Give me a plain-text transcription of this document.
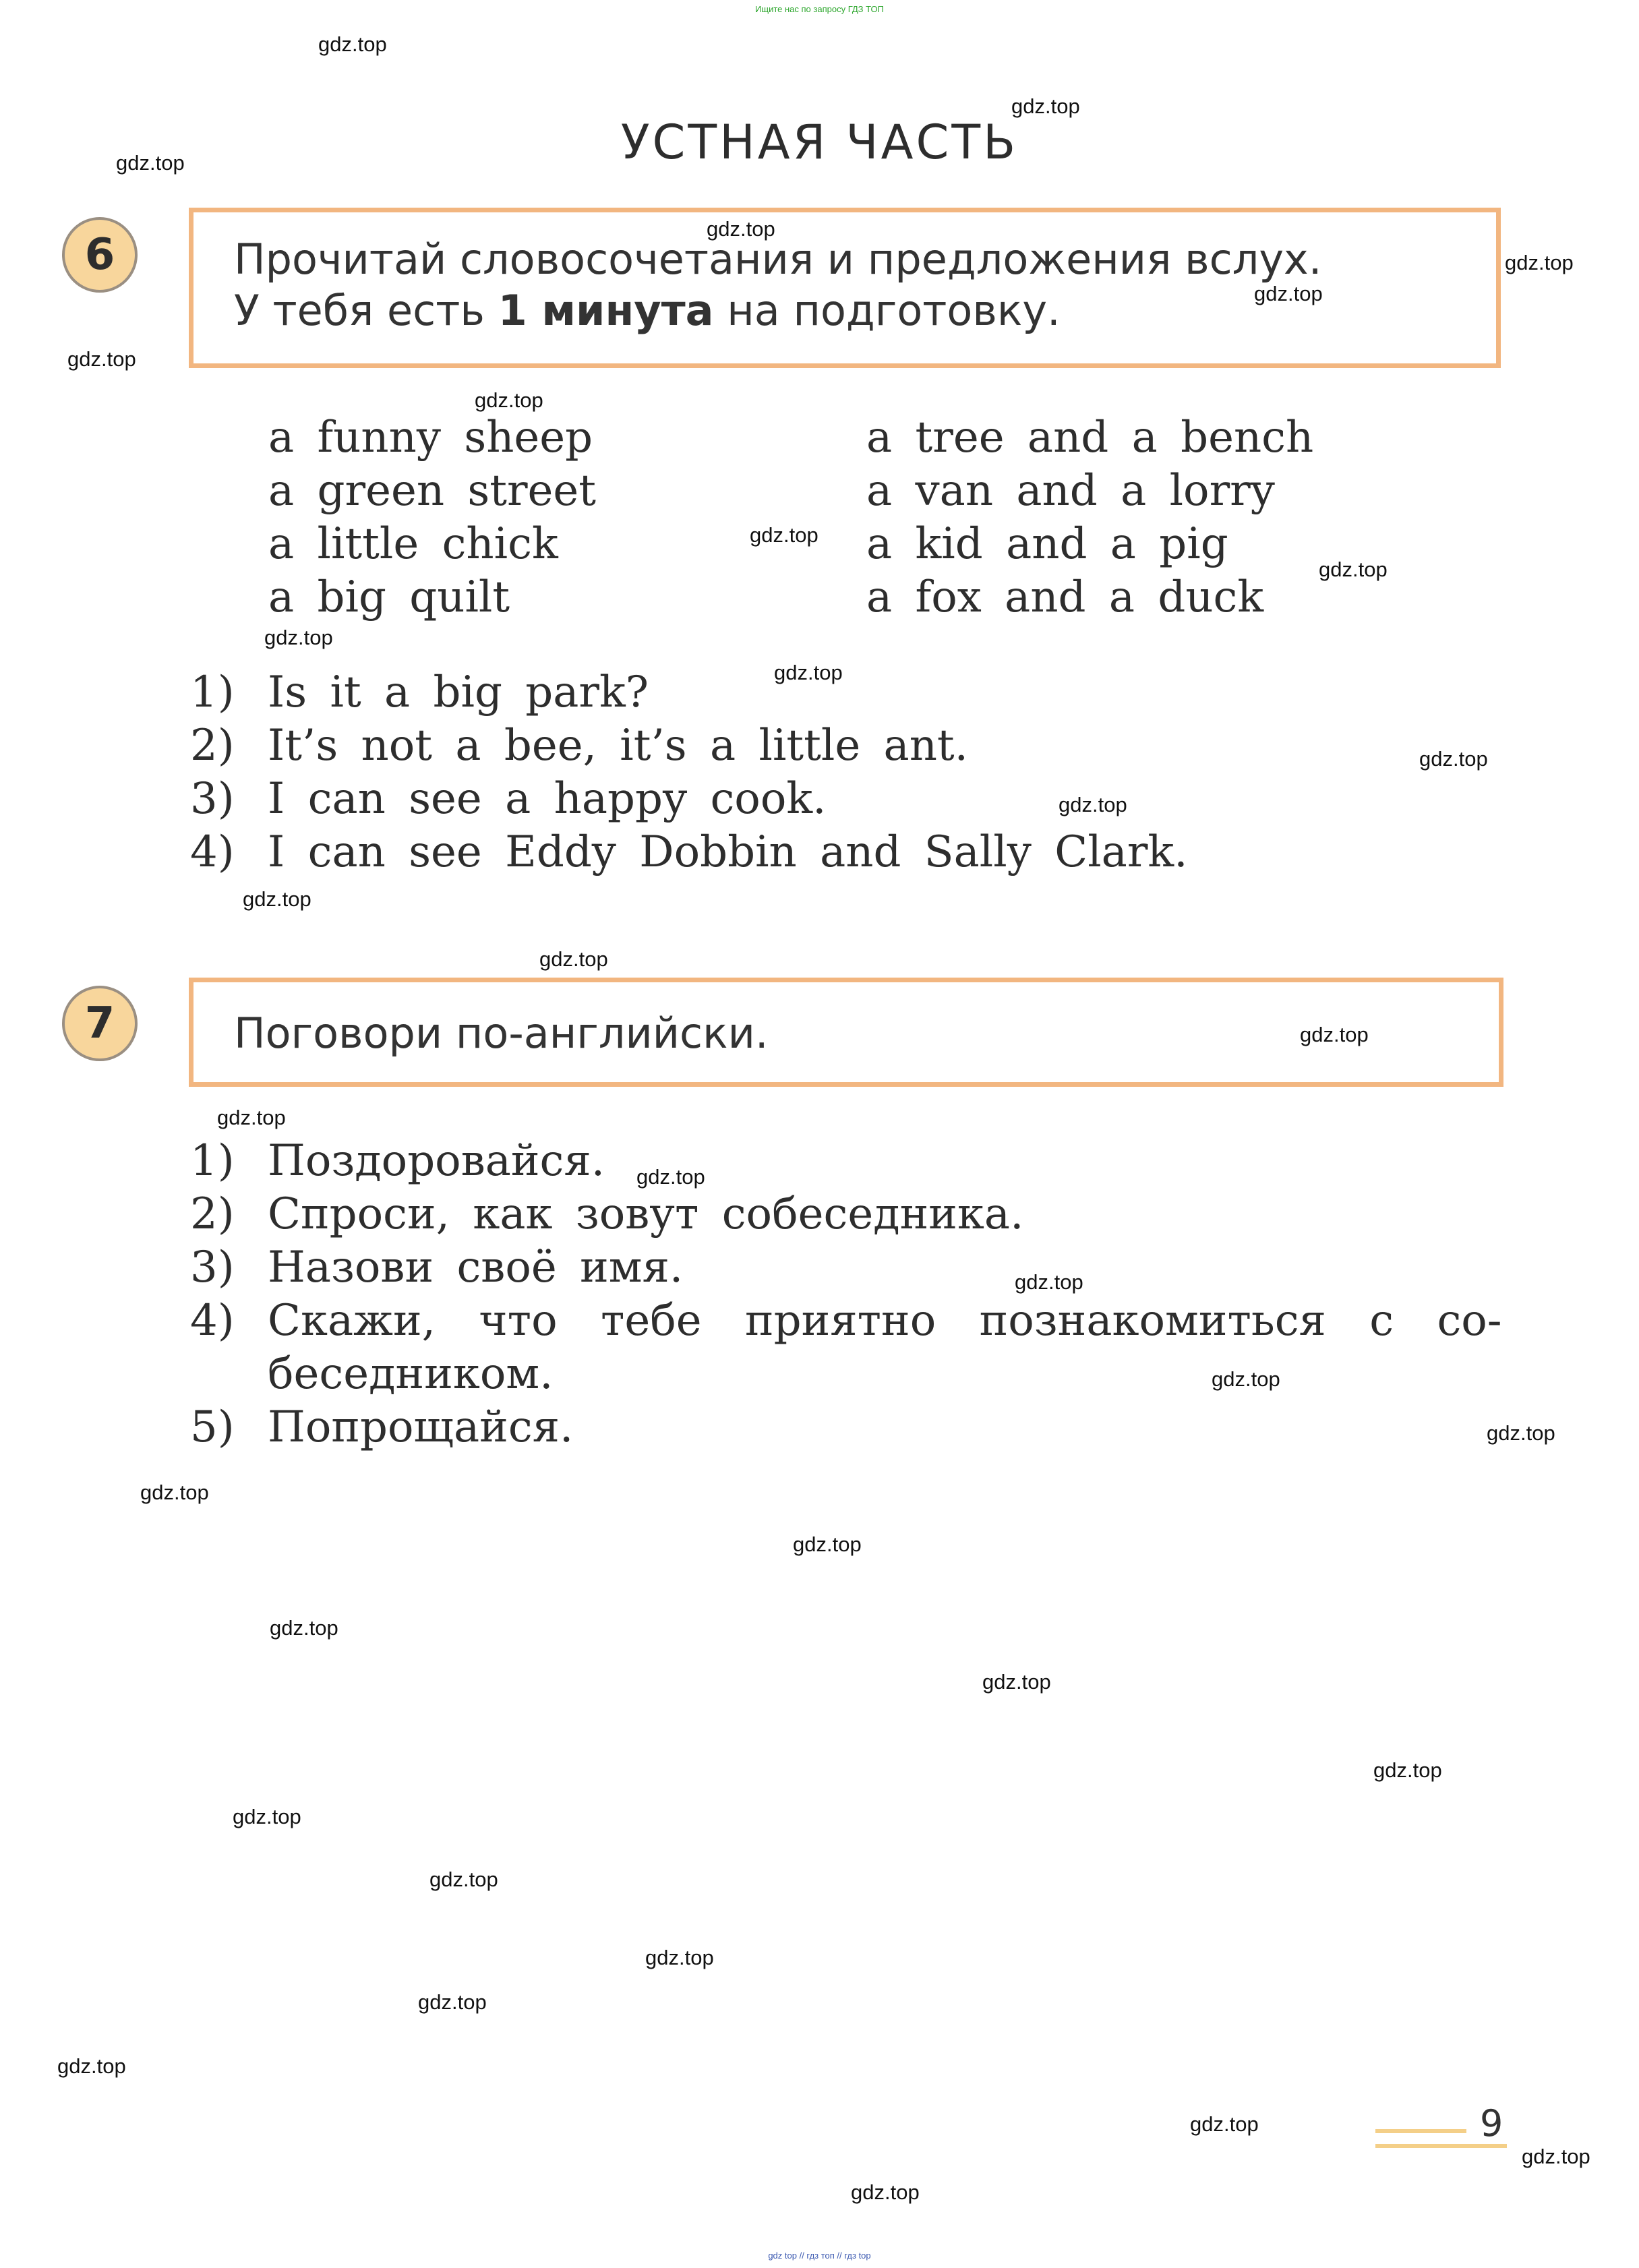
Ищите нас по запросу ГДЗ ТОП
УСТНАЯ ЧАСТЬ
6	Прочитай словосочетания и предложения вслух.
У тебя есть 1 минута на подготовку.
a funny sheep
a green street
a little chick
a big quilt
a tree and a bench
a van and a lorry
a kid and a pig
a fox and a duck
1) Is it a big park?
2) It’s not a bee, it’s a little ant.
3) I can see a happy cook.
4) I can see Eddy Dobbin and Sally Clark.
7	Поговори по-английски.
1) Поздоровайся.
2) Спроси, как зовут собеседника.
3) Назови своё имя.
4) Скажи, что тебе приятно познакомиться с со-
беседником.
5) Попрощайся.
9
gdz.top
gdz.top
gdz.top
gdz.top
gdz.top
gdz.top
gdz.top
gdz.top
gdz.top
gdz.top
gdz.top
gdz.top
gdz.top
gdz.top
gdz.top
gdz.top
gdz.top
gdz.top
gdz.top
gdz.top
gdz.top
gdz.top
gdz.top
gdz.top
gdz.top
gdz.top
gdz.top
gdz.top
gdz.top
gdz.top
gdz.top
gdz.top
gdz.top
gdz.top
gdz.top
gdz top // гдз топ // гдз top
